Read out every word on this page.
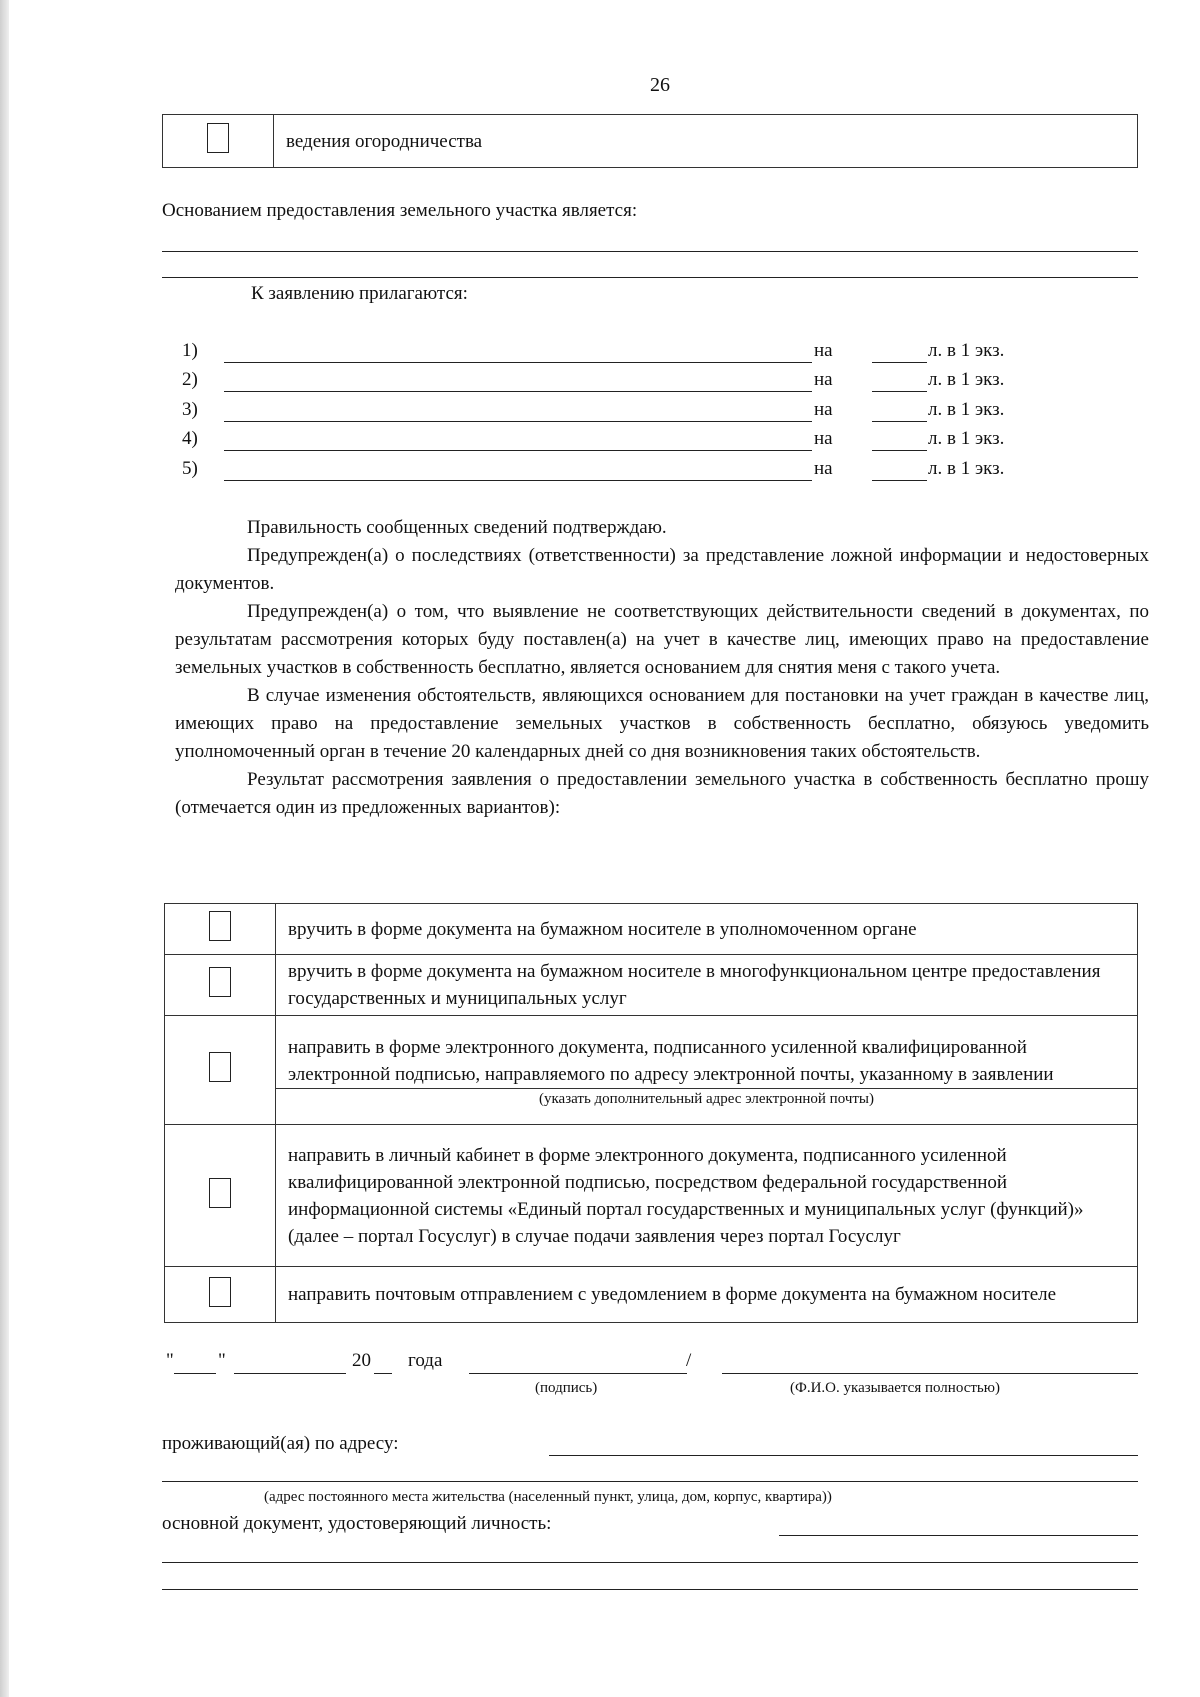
26
	ведения огородничества
Основанием предоставления земельного участка является:
К заявлению прилагаются:
1)	на	л. в 1 экз.
2)	на	л. в 1 экз.
3)	на	л. в 1 экз.
4)	на	л. в 1 экз.
5)	на	л. в 1 экз.

Правильность сообщенных сведений подтверждаю.

Предупрежден(а) о последствиях (ответственности) за представление ложной информации и недостоверных документов.

Предупрежден(а) о том, что выявление не соответствующих действительности сведений в документах, по результатам рассмотрения которых буду поставлен(а) на учет в качестве лиц, имеющих право на предоставление земельных участков в собственность бесплатно, является основанием для снятия меня с такого учета.

В случае изменения обстоятельств, являющихся основанием для постановки на учет граждан в качестве лиц, имеющих право на предоставление земельных участков в собственность бесплатно, обязуюсь уведомить уполномоченный орган в течение 20 календарных дней со дня возникновения таких обстоятельств.

Результат рассмотрения заявления о предоставлении земельного участка в собственность бесплатно прошу (отмечается один из предложенных вариантов):

	вручить в форме документа на бумажном носителе в уполномоченном органе
	вручить в форме документа на бумажном носителе в многофункциональном центре предоставления государственных и муниципальных услуг

	направить в форме электронного документа, подписанного усиленной квалифицированной электронной подписью, направляемого по адресу электронной почты, указанному в заявлении
(указать дополнительный адрес электронной почты)

	направить в личный кабинет в форме электронного документа, подписанного усиленной квалифицированной электронной подписью, посредством федеральной государственной информационной системы «Единый портал государственных и муниципальных услуг (функций)» (далее – портал Госуслуг) в случае подачи заявления через портал Госуслуг
	направить почтовым отправлением с уведомлением в форме документа на бумажном носителе
" "	20 года	/
(подпись)	(Ф.И.О. указывается полностью)
проживающий(ая) по адресу:
(адрес постоянного места жительства (населенный пункт, улица, дом, корпус, квартира))
основной документ, удостоверяющий личность:
